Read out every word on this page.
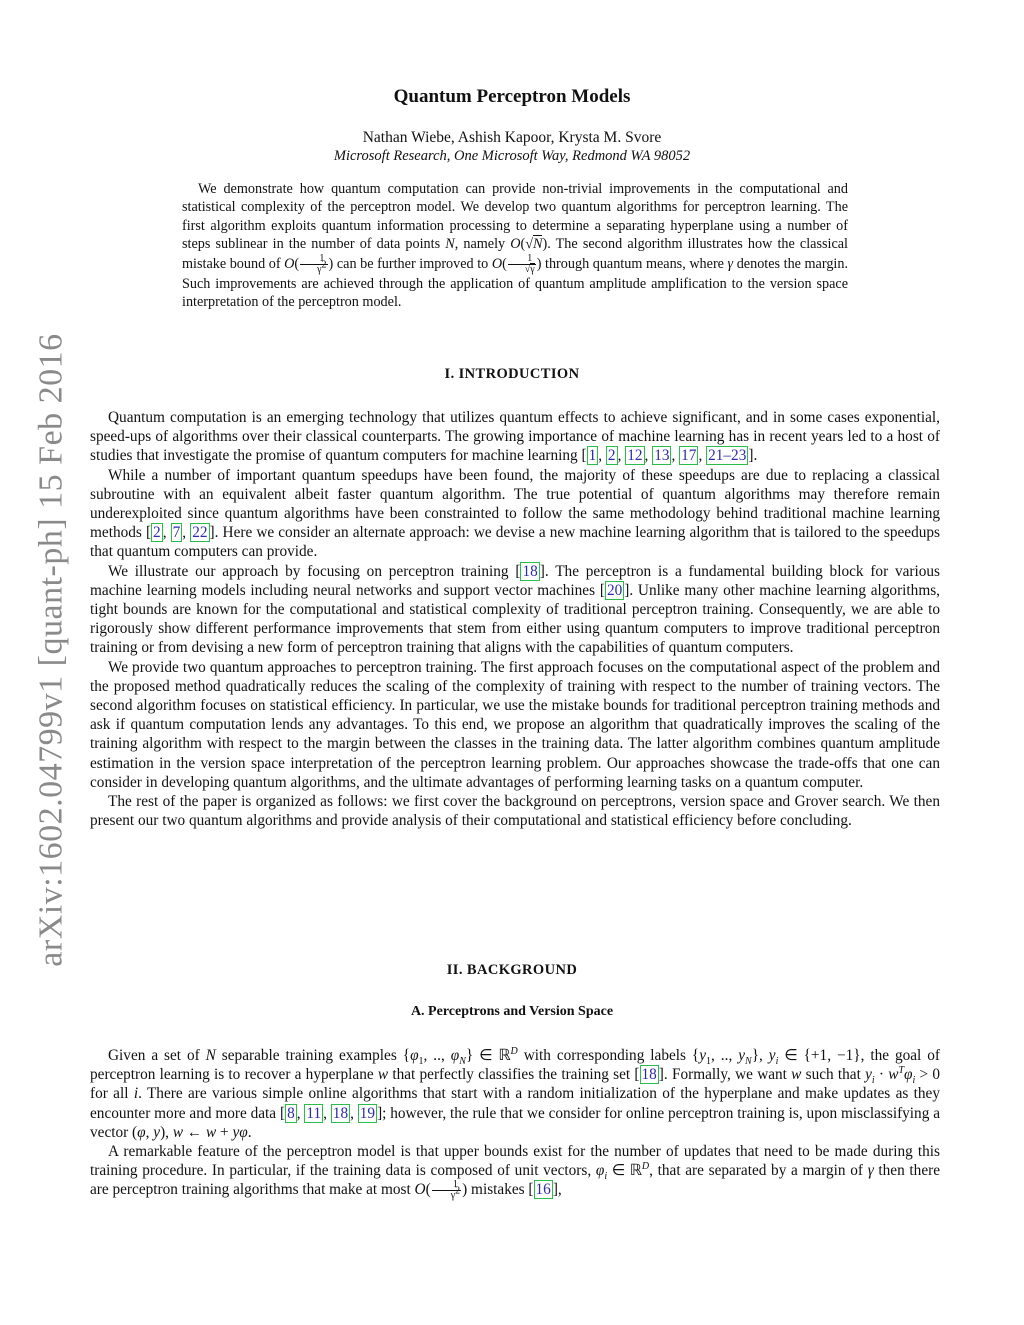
arXiv:1602.04799v1 [quant-ph] 15 Feb 2016
Quantum Perceptron Models
Nathan Wiebe, Ashish Kapoor, Krysta M. Svore
Microsoft Research, One Microsoft Way, Redmond WA 98052

We demonstrate how quantum computation can provide non-trivial improvements in the computational and statistical complexity of the perceptron model. We develop two quantum algorithms for perceptron learning. The first algorithm exploits quantum information processing to determine a separating hyperplane using a number of steps sublinear in the number of data points N, namely O(√N). The second algorithm illustrates how the classical mistake bound of $O( \frac{1}{\gamma^2}$ ) can be further improved to $O( \frac{1}{√\gamma}$ ) through quantum means, where γ denotes the margin. Such improvements are achieved through the application of quantum amplitude amplification to the version space interpretation of the perceptron model.

I. INTRODUCTION

Quantum computation is an emerging technology that utilizes quantum effects to achieve significant, and in some cases exponential, speed-ups of algorithms over their classical counterparts. The growing importance of machine learning has in recent years led to a host of studies that investigate the promise of quantum computers for machine learning [ 1 , 2 , 12 , 13 , 17 , 21–23 ].

While a number of important quantum speedups have been found, the majority of these speedups are due to replacing a classical subroutine with an equivalent albeit faster quantum algorithm. The true potential of quantum algorithms may therefore remain underexploited since quantum algorithms have been constrainted to follow the same methodology behind traditional machine learning methods [ 2 , 7 , 22 ]. Here we consider an alternate approach: we devise a new machine learning algorithm that is tailored to the speedups that quantum computers can provide.

We illustrate our approach by focusing on perceptron training [ 18 ]. The perceptron is a fundamental building block for various machine learning models including neural networks and support vector machines [ 20 ]. Unlike many other machine learning algorithms, tight bounds are known for the computational and statistical complexity of traditional perceptron training. Consequently, we are able to rigorously show different performance improvements that stem from either using quantum computers to improve traditional perceptron training or from devising a new form of perceptron training that aligns with the capabilities of quantum computers.

We provide two quantum approaches to perceptron training. The first approach focuses on the computational aspect of the problem and the proposed method quadratically reduces the scaling of the complexity of training with respect to the number of training vectors. The second algorithm focuses on statistical efficiency. In particular, we use the mistake bounds for traditional perceptron training methods and ask if quantum computation lends any advantages. To this end, we propose an algorithm that quadratically improves the scaling of the training algorithm with respect to the margin between the classes in the training data. The latter algorithm combines quantum amplitude estimation in the version space interpretation of the perceptron learning problem. Our approaches showcase the trade-offs that one can consider in developing quantum algorithms, and the ultimate advantages of performing learning tasks on a quantum computer.

The rest of the paper is organized as follows: we first cover the background on perceptrons, version space and Grover search. We then present our two quantum algorithms and provide analysis of their computational and statistical efficiency before concluding.

II. BACKGROUND
A. Perceptrons and Version Space

Given a set of N separable training examples {$\varphi_1$, .., $\varphi_N$} ∈ ℝ$^D$ with corresponding labels {$y_1$, .., $y_N$}, $y_i$ ∈ {+1, −1}, the goal of perceptron learning is to recover a hyperplane w that perfectly classifies the training set [ 18 ]. Formally, we want w such that $y_i \cdot w^T\varphi_i > 0$ for all i. There are various simple online algorithms that start with a random initialization of the hyperplane and make updates as they encounter more and more data [ 8 , 11 , 18 , 19 ]; however, the rule that we consider for online perceptron training is, upon misclassifying a vector (φ, y), w ← w + yφ.

A remarkable feature of the perceptron model is that upper bounds exist for the number of updates that need to be made during this training procedure. In particular, if the training data is composed of unit vectors, $\varphi_i$ ∈ ℝ$^D$, that are separated by a margin of γ then there are perceptron training algorithms that make at most $O( \frac{1}{\gamma^2}$ ) mistakes [ 16 ],
